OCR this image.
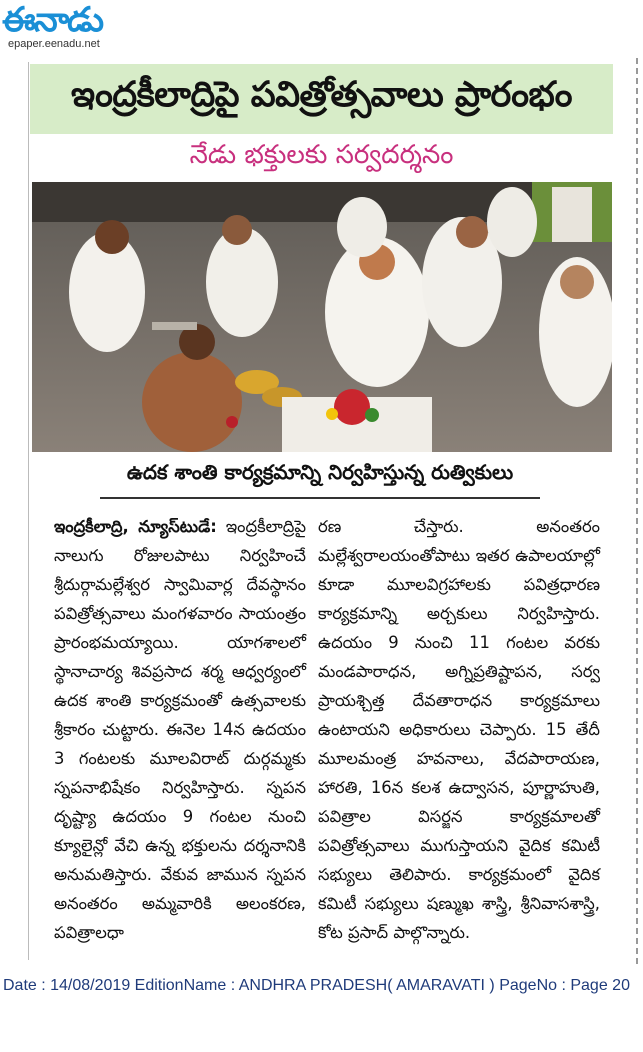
ఈనాడు
epaper.eenadu.net
ఇంద్రకీలాద్రిపై పవిత్రోత్సవాలు ప్రారంభం
నేడు భక్తులకు సర్వదర్శనం
ఉదక శాంతి కార్యక్రమాన్ని నిర్వహిస్తున్న రుత్వికులు
ఇంద్రకీలాద్రి, న్యూస్‌టుడే: ఇంద్రకీలాద్రిపై నాలుగు రోజులపాటు నిర్వహించే శ్రీదుర్గామల్లేశ్వర స్వామివార్ల దేవస్థానం పవిత్రోత్సవాలు మంగళవారం సాయంత్రం ప్రారంభమయ్యాయి. యాగశాలలో స్థానాచార్య శివప్రసాద శర్మ ఆధ్వర్యంలో ఉదక శాంతి కార్యక్రమంతో ఉత్సవాలకు శ్రీకారం చుట్టారు. ఈనెల 14న ఉదయం 3 గంటలకు మూలవిరాట్ దుర్గమ్మకు స్నపనాభిషేకం నిర్వహిస్తారు. స్నపన దృష్ట్యా ఉదయం 9 గంటల నుంచి క్యూలైన్లో వేచి ఉన్న భక్తులను దర్శనానికి అనుమతిస్తారు. వేకువ జామున స్నపన అనంతరం అమ్మవారికి అలంకరణ, పవిత్రాలధా
రణ చేస్తారు. అనంతరం మల్లేశ్వరాలయంతోపాటు ఇతర ఉపాలయాల్లో కూడా మూలవిగ్రహాలకు పవిత్రధారణ కార్యక్రమాన్ని అర్చకులు నిర్వహిస్తారు. ఉదయం 9 నుంచి 11 గంటల వరకు మండపారాధన, అగ్నిప్రతిష్టాపన, సర్వ ప్రాయశ్చిత్త దేవతారాధన కార్యక్రమాలు ఉంటాయని అధికారులు చెప్పారు. 15 తేదీ మూలమంత్ర హవనాలు, వేదపారాయణ, హారతి, 16న కలశ ఉద్వాసన, పూర్ణాహుతి, పవిత్రాల విసర్జన కార్యక్రమాలతో పవిత్రోత్సవాలు ముగుస్తాయని వైదిక కమిటీ సభ్యులు తెలిపారు. కార్యక్రమంలో వైదిక కమిటీ సభ్యులు షణ్ముఖ శాస్త్రి, శ్రీనివాసశాస్త్రి, కోట ప్రసాద్ పాల్గొన్నారు.
Date : 14/08/2019 EditionName : ANDHRA PRADESH( AMARAVATI ) PageNo : Page 20
